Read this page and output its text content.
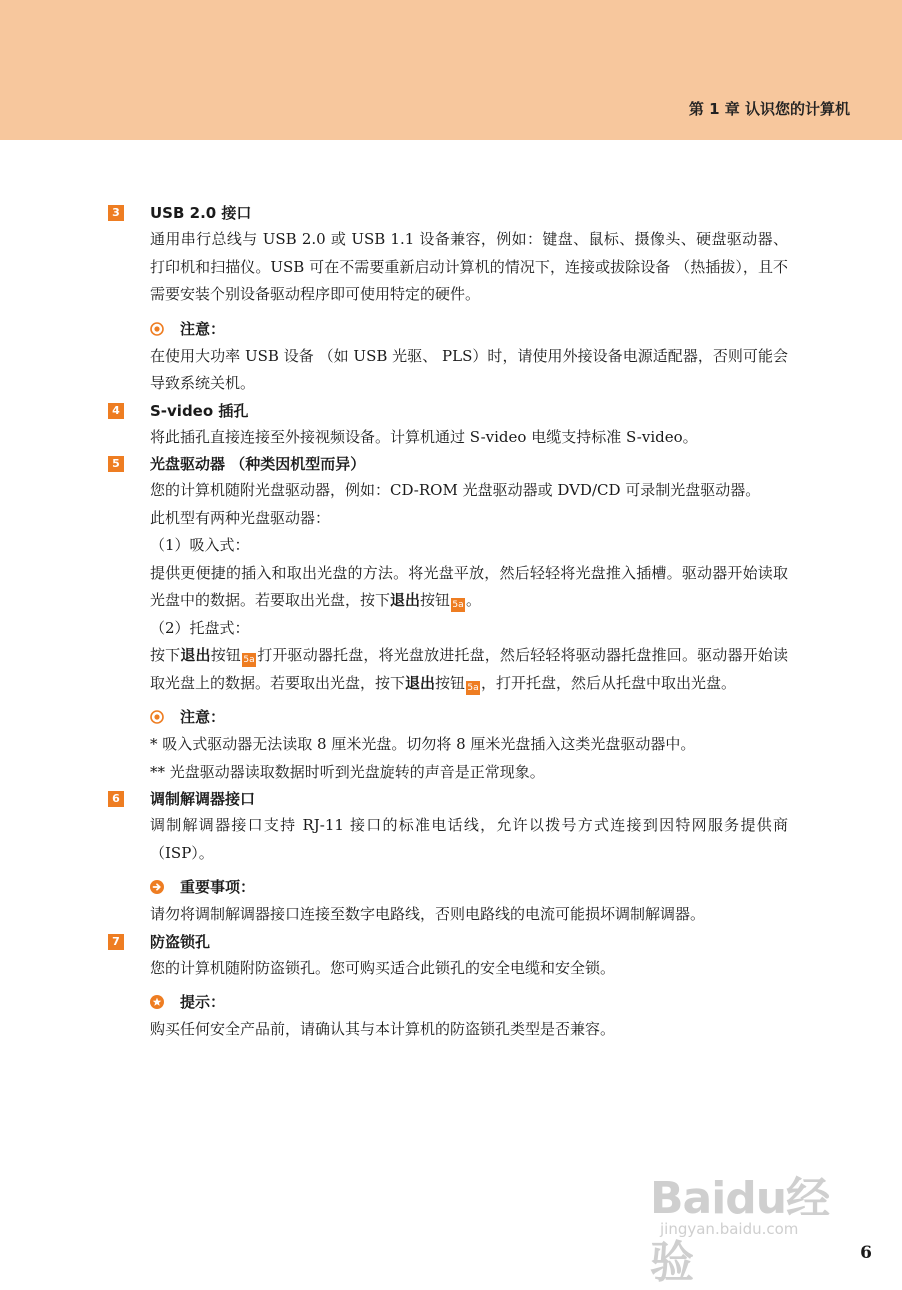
第 1 章 认识您的计算机
3 USB 2.0 接口

通用串行总线与 USB 2.0 或 USB 1.1 设备兼容，例如：键盘、鼠标、摄像头、硬盘驱动器、打印机和扫描仪。USB 可在不需要重新启动计算机的情况下，连接或拔除设备 （热插拔），且不需要安装个别设备驱动程序即可使用特定的硬件。

注意：

在使用大功率 USB 设备 （如 USB 光驱、 PLS）时，请使用外接设备电源适配器，否则可能会导致系统关机。

4 S-video 插孔

将此插孔直接连接至外接视频设备。计算机通过 S-video 电缆支持标准 S-video。

5 光盘驱动器 （种类因机型而异）

您的计算机随附光盘驱动器，例如：CD-ROM 光盘驱动器或 DVD/CD 可录制光盘驱动器。

此机型有两种光盘驱动器：

（1）吸入式：

提供更便捷的插入和取出光盘的方法。将光盘平放，然后轻轻将光盘推入插槽。驱动器开始读取光盘中的数据。若要取出光盘，按下退出按钮 5a 。

（2）托盘式：

按下退出按钮 5a 打开驱动器托盘，将光盘放进托盘，然后轻轻将驱动器托盘推回。驱动器开始读取光盘上的数据。若要取出光盘，按下退出按钮 5a ，打开托盘，然后从托盘中取出光盘。

注意：

* 吸入式驱动器无法读取 8 厘米光盘。切勿将 8 厘米光盘插入这类光盘驱动器中。

** 光盘驱动器读取数据时听到光盘旋转的声音是正常现象。

6 调制解调器接口

调制解调器接口支持 RJ-11 接口的标准电话线，允许以拨号方式连接到因特网服务提供商 （ISP）。

重要事项：

请勿将调制解调器接口连接至数字电路线，否则电路线的电流可能损坏调制解调器。

7 防盗锁孔

您的计算机随附防盗锁孔。您可购买适合此锁孔的安全电缆和安全锁。

提示：

购买任何安全产品前，请确认其与本计算机的防盗锁孔类型是否兼容。

Baidu经验
jingyan.baidu.com
6
